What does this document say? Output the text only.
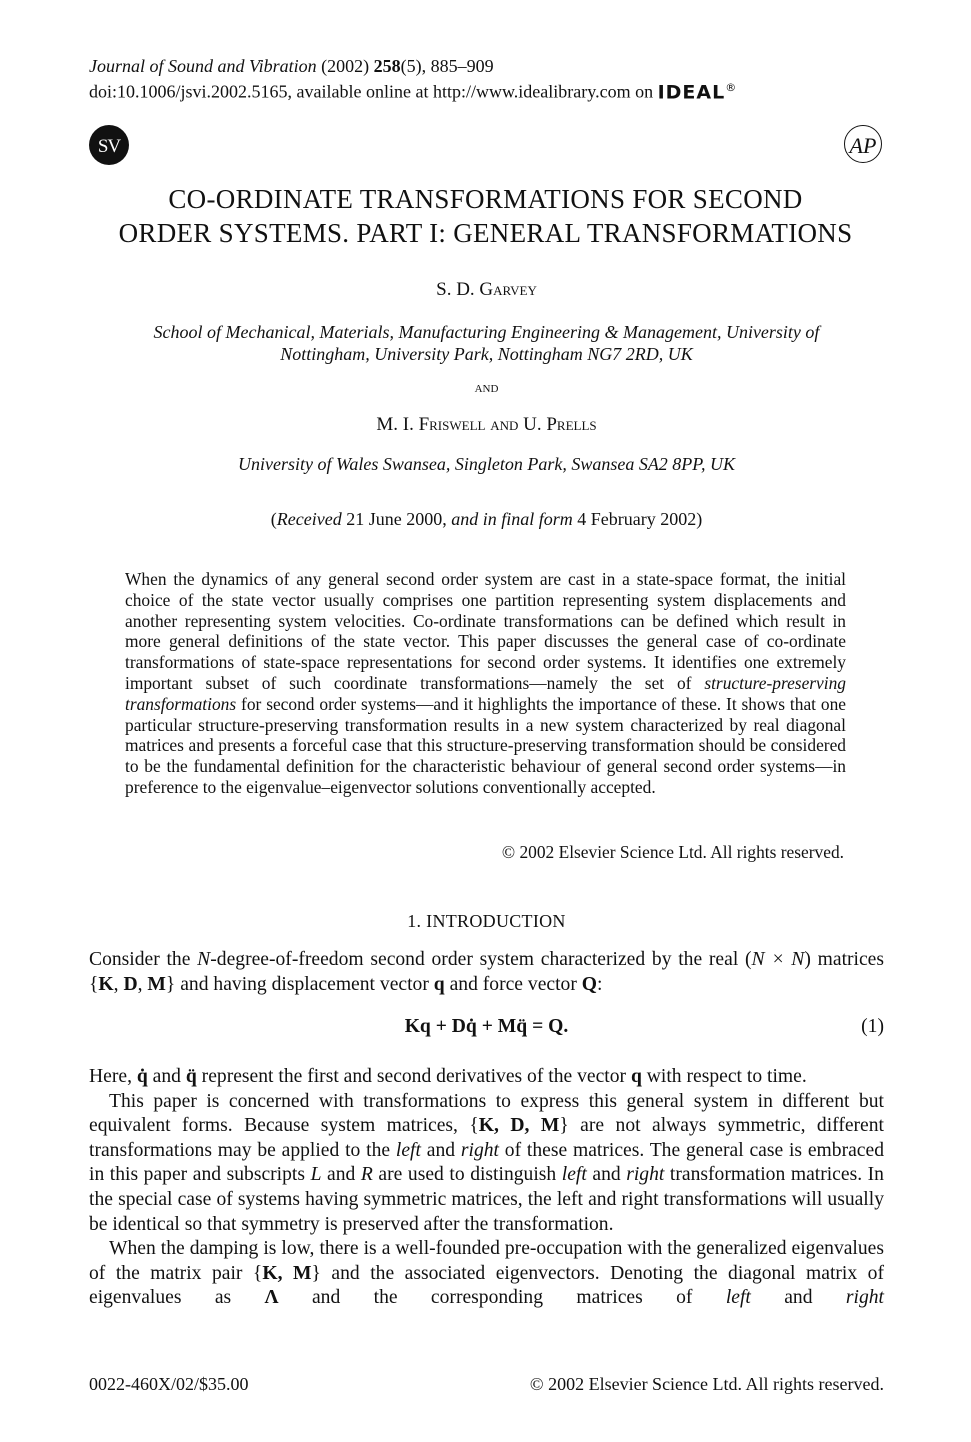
Journal of Sound and Vibration (2002) 258(5), 885–909
doi:10.1006/jsvi.2002.5165, available online at http://www.idealibrary.com on IDEAL®
SV	AP
CO-ORDINATE TRANSFORMATIONS FOR SECOND
ORDER SYSTEMS. PART I: GENERAL TRANSFORMATIONS
S. D. Garvey
School of Mechanical, Materials, Manufacturing Engineering & Management, University of
Nottingham, University Park, Nottingham NG7 2RD, UK
and
M. I. Friswell and U. Prells
University of Wales Swansea, Singleton Park, Swansea SA2 8PP, UK
(Received 21 June 2000, and in final form 4 February 2002)
When the dynamics of any general second order system are cast in a state-space format, the initial choice of the state vector usually comprises one partition representing system displacements and another representing system velocities. Co-ordinate transformations can be defined which result in more general definitions of the state vector. This paper discusses the general case of co-ordinate transformations of state-space representations for second order systems. It identifies one extremely important subset of such coordinate transformations—namely the set of structure-preserving transformations for second order systems—and it highlights the importance of these. It shows that one particular structure-preserving transformation results in a new system characterized by real diagonal matrices and presents a forceful case that this structure-preserving transformation should be considered to be the fundamental definition for the characteristic behaviour of general second order systems—in preference to the eigenvalue–eigenvector solutions conventionally accepted.
© 2002 Elsevier Science Ltd. All rights reserved.
1. INTRODUCTION

Consider the N-degree-of-freedom second order system characterized by the real (N × N) matrices {K, D, M} and having displacement vector q and force vector Q:

Kq + Dq̇ + Mq̈ = Q.	(1)

Here, q̇ and q̈ represent the first and second derivatives of the vector q with respect to time.

This paper is concerned with transformations to express this general system in different but equivalent forms. Because system matrices, {K, D, M} are not always symmetric, different transformations may be applied to the left and right of these matrices. The general case is embraced in this paper and subscripts L and R are used to distinguish left and right transformation matrices. In the special case of systems having symmetric matrices, the left and right transformations will usually be identical so that symmetry is preserved after the transformation.

When the damping is low, there is a well-founded pre-occupation with the generalized eigenvalues of the matrix pair {K, M} and the associated eigenvectors. Denoting the diagonal matrix of eigenvalues as Λ and the corresponding matrices of left and right

0022-460X/02/$35.00	© 2002 Elsevier Science Ltd. All rights reserved.
